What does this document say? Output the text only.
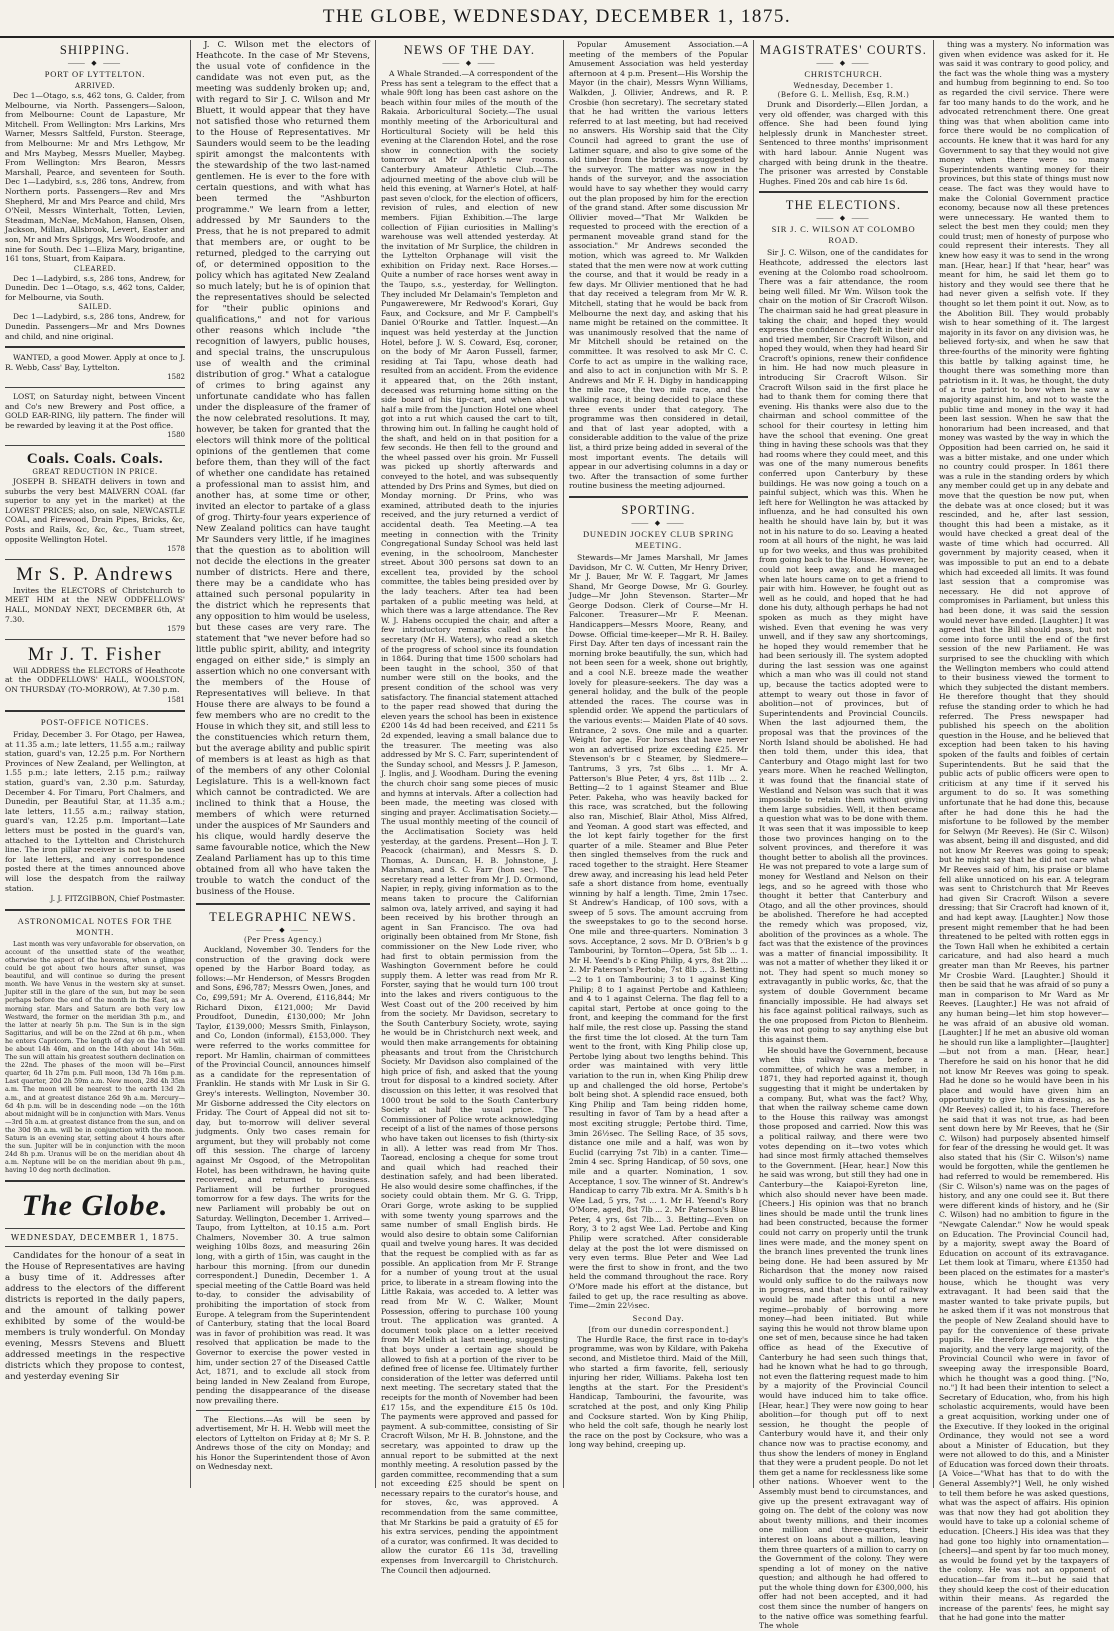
THE GLOBE, WEDNESDAY, DECEMBER 1, 1875.
SHIPPING.
⸻ ◆ ⸻
PORT OF LYTTELTON.
ARRIVED.

Dec 1—Otago, s.s, 462 tons, G. Calder, from Melbourne, via North. Passengers—Saloon, from Melbourne: Count de Lapasture, Mr Mitchell. From Wellington: Mrs Larkins, Mrs Warner, Messrs Saltfeld, Furston. Steerage, from Melbourne: Mr and Mrs Lethgow, Mr and Mrs Maybeg, Messrs Mueller, Maybeg. From Wellington: Mrs Bearon, Messrs Marshall, Pearce, and seventeen for South. Dec 1—Ladybird, s.s, 286 tons, Andrew, from Northern ports. Passengers—Rev and Mrs Shepherd, Mr and Mrs Pearce and child, Mrs O'Neil, Messrs Winterhalt, Totten, Levien, Steadman, McNae, McMahon, Hansen, Olsen, Jackson, Millan, Allsbrook, Levert, Easter and son, Mr and Mrs Spriggs, Mrs Woodroofe, and nine for South. Dec 1—Eliza Mary, brigantine, 161 tons, Stuart, from Kaipara.

CLEARED.

Dec 1—Ladybird, s.s, 286 tons, Andrew, for Dunedin. Dec 1—Otago, s.s, 462 tons, Calder, for Melbourne, via South.

SAILED.

Dec 1—Ladybird, s.s, 286 tons, Andrew, for Dunedin. Passengers—Mr and Mrs Downes and child, and nine original.

WANTED, a good Mower. Apply at once to J. R. Webb, Cass' Bay, Lyttelton.

1582

LOST, on Saturday night, between Vincent and Co's new Brewery and Post office, a GOLD EAR-RING, lily pattern. The finder will be rewarded by leaving it at the Post office.

1580
Coals. Coals. Coals.
GREAT REDUCTION IN PRICE.

JOSEPH B. SHEATH delivers in town and suburbs the very best MALVERN COAL (far superior to any yet in the market) at the LOWEST PRICES; also, on sale, NEWCASTLE COAL, and Firewood, Drain Pipes, Bricks, &c, Posts and Rails, &c, &c, &c., Tuam street, opposite Wellington Hotel.

1578
Mr S. P. Andrews

Invites the ELECTORS of Christchurch to MEET HIM at the NEW ODDFELLOWS' HALL, MONDAY NEXT, DECEMBER 6th, At 7.30.

1579
Mr J. T. Fisher

Will ADDRESS the ELECTORS of Heathcote at the ODDFELLOWS' HALL, WOOLSTON, ON THURSDAY (TO-MORROW), At 7.30 p.m.

1581
POST-OFFICE NOTICES.

Friday, December 3. For Otago, per Hawea, at 11.35 a.m.; late letters, 11.55 a.m.; railway station, guard's van, 12.25 p.m. For Northern Provinces of New Zealand, per Wellington, at 1.55 p.m.; late letters, 2.15 p.m.; railway station, guard's van, 2.30 p.m. Saturday, December 4. For Timaru, Port Chalmers, and Dunedin, per Beautiful Star, at 11.35 a.m.; late letters, 11.55 a.m.; railway station, guard's van, 12.25 p.m. Important—Late letters must be posted in the guard's van, attached to the Lyttelton and Christchurch line. The iron pillar receiver is not to be used for late letters, and any correspondence posted there at the times announced above will lose the despatch from the railway station.

J. J. FITZGIBBON, Chief Postmaster.
ASTRONOMICAL NOTES FOR THE MONTH.

Last month was very unfavorable for observation, on account of the unsettled state of the weather, otherwise the aspect of the heavens, when a glimpse could be got about two hours after sunset, was beautiful, and will continue so during the present month. We have Venus in the western sky at sunset. Jupiter still in the glare of the sun, but may be seen perhaps before the end of the month in the East, as a morning star. Mars and Saturn are both very low Westward, the former on the meridian 3th p.m., and the latter at nearly 5h p.m. The Sun is in the sign Sagittarius, and will be on the 22nd at 6h p.m., when he enters Capricorn. The length of day on the 1st will be about 14h 46m, and on the 14th about 14h 56m. The sun will attain his greatest southern declination on the 22nd. The phases of the moon will be—First quarter, 6d 1h 27m p.m. Full moon, 13d 7h 16m p.m. Last quarter, 20d 2h 59m a.m. New moon, 28d 4h 35m a.m. The moon will be nearest to the earth 13d 2h a.m., and at greatest distance 26d 9h a.m. Mercury—6d 4h p.m. will be in descending node —on the 16th about midnight will be in conjunction with Mars. Venus—3rd 5h a.m. at greatest distance from the sun, and on the 30d 9h a.m. will be in conjunction with the moon. Saturn is an evening star, setting about 4 hours after the sun. Jupiter will be in conjunction with the moon 24d 8h p.m. Uranus will be on the meridian about 4h a.m. Neptune will be on the meridian about 9h p.m., having 10 deg north declination.

The Globe.
WEDNESDAY, DECEMBER 1, 1875.

Candidates for the honour of a seat in the House of Representatives are having a busy time of it. Addresses after address to the electors of the different districts is reported in the daily papers, and the amount of talking power exhibited by some of the would-be members is truly wonderful. On Monday evening, Messrs Stevens and Bluett addressed meetings in the respective districts which they propose to contest, and yesterday evening Sir

J. C. Wilson met the electors of Heathcote. In the case of Mr Stevens, the usual vote of confidence in the candidate was not even put, as the meeting was suddenly broken up; and, with regard to Sir J. C. Wilson and Mr Bluett, it would appear that they have not satisfied those who returned them to the House of Representatives. Mr Saunders would seem to be the leading spirit amongst the malcontents with the stewardship of the two last-named gentlemen. He is ever to the fore with certain questions, and with what has been termed the "Ashburton programme." We learn from a letter, addressed by Mr Saunders to the Press, that he is not prepared to admit that members are, or ought to be returned, pledged to the carrying out of, or determined opposition to the policy which has agitated New Zealand so much lately; but he is of opinion that the representatives should be selected for "their public opinions and qualifications," and not for various other reasons which include "the recognition of lawyers, public houses, and special trains, the unscrupulous use of wealth and the criminal distribution of grog." What a catalogue of crimes to bring against any unfortunate candidate who has fallen under the displeasure of the framer of the now celebrated resolutions. It may, however, be taken for granted that the electors will think more of the political opinions of the gentlemen that come before them, than they will of the fact of whether one candidate has retained a professional man to assist him, and another has, at some time or other, invited an elector to partake of a glass of grog. Thirty-four years experience of New Zealand politics can have taught Mr Saunders very little, if he imagines that the question as to abolition will not decide the elections in the greater number of districts. Here and there, there may be a candidate who has attained such personal popularity in the district which he represents that any opposition to him would be useless, but these cases are very rare. The statement that "we never before had so little public spirit, ability, and integrity engaged on either side," is simply an assertion which no one conversant with the members of the House of Representatives will believe. In that House there are always to be found a few members who are no credit to the House in which they sit, and still less to the constituencies which return them, but the average ability and public spirit of members is at least as high as that of the members of any other Colonial Legislature. This is a well-known fact which cannot be contradicted. We are inclined to think that a House, the members of which were returned under the auspices of Mr Saunders and his clique, would hardly deserve the same favourable notice, which the New Zealand Parliament has up to this time obtained from all who have taken the trouble to watch the conduct of the business of the House.

TELEGRAPHIC NEWS.
⸻ ◆ ⸻
(Per Press Agency.)

Auckland, November 30. Tenders for the construction of the graving dock were opened by the Harbor Board today, as follows:—Mr Henderson, of Messrs Brogden and Sons, £96,787; Messrs Owen, Jones, and Co, £99,591; Mr A. Overend, £116,844; Mr Richard Dixon, £121,000; Mr David Proudfoot, Dunedin, £130,000; Mr John Taylor, £139,000; Messrs Smith, Finlayson, and Co, London (informal), £153,000. They were referred to the works committee for report. Mr Hamlin, chairman of committees of the Provincial Council, announces himself as a candidate for the representation of Franklin. He stands with Mr Lusk in Sir G. Grey's interests. Wellington, November 30. Mr Gisborne addressed the City electors on Friday. The Court of Appeal did not sit to-day, but to-morrow will deliver several judgments. Only two cases remain for argument, but they will probably not come off this session. The charge of larceny against Mr Osgood, of the Metropolitan Hotel, has been withdrawn, he having quite recovered, and returned to business. Parliament will be further prorogued tomorrow for a few days. The writs for the new Parliament will probably be out on Saturday. Wellington, December 1. Arrived—Taupo, from Lyttelton, at 10.15 a.m. Port Chalmers, November 30. A true salmon weighing 10lbs 8ozs, and measuring 26in long, with a girth of 15in, was caught in the harbour this morning. [from our dunedin correspondent.] Dunedin, December 1. A special meeting of the Cattle Board was held to-day, to consider the advisability of prohibiting the importation of stock from Europe. A telegram from the Superintendent of Canterbury, stating that the local Board was in favor of prohibition was read. It was resolved that application be made to the Governor to exercise the power vested in him, under section 27 of the Diseased Cattle Act, 1871, and to exclude all stock from being landed in New Zealand from Europe, pending the disappearance of the disease now prevailing there.

The Elections.—As will be seen by advertisement, Mr H. H. Webb will meet the electors of Lyttelton on Friday at 8; Mr S. P. Andrews those of the city on Monday; and his Honor the Superintendent those of Avon on Wednesday next.

NEWS OF THE DAY.
⸻ ◆ ⸻

A Whale Stranded.—A correspondent of the Press has sent a telegram to the effect that a whale 90ft long has been cast ashore on the beach within four miles of the mouth of the Rakaia. Arboricultural Society.—The usual monthly meeting of the Arboricultural and Horticultural Society will be held this evening at the Clarendon Hotel, and the rose show in connection with the society tomorrow at Mr Alport's new rooms. Canterbury Amateur Athletic Club.—The adjourned meeting of the above club will be held this evening, at Warner's Hotel, at half-past seven o'clock, for the election of officers, revision of rules, and election of new members. Fijian Exhibition.—The large collection of Fijian curiosities in Malling's warehouse was well attended yesterday. At the invitation of Mr Surplice, the children in the Lyttelton Orphanage will visit the exhibition on Friday next. Race Horses.—Quite a number of race horses went away in the Taupo, s.s., yesterday, for Wellington. They included Mr Delamain's Templeton and Pungawerewere, Mr Redwood's Korari, Guy Faux, and Cocksure, and Mr F. Campbell's Daniel O'Rourke and Tattler. Inquest.—An inquest was held yesterday at the Junction Hotel, before J. W. S. Coward, Esq, coroner, on the body of Mr Aaron Fussell, farmer, residing at Tai Tapu, whose death had resulted from an accident. From the evidence it appeared that, on the 26th instant, deceased was returning home sitting on the side board of his tip-cart, and when about half a mile from the Junction Hotel one wheel got into a rut which caused the cart to tilt, throwing him out. In falling he caught hold of the shaft, and held on in that position for a few seconds. He then fell to the ground and the wheel passed over his groin. Mr Fussell was picked up shortly afterwards and conveyed to the hotel, and was subsequently attended by Drs Prins and Symes, but died on Monday morning. Dr Prins, who was examined, attributed death to the injuries received, and the jury returned a verdict of accidental death. Tea Meeting.—A tea meeting in connection with the Trinity Congregational Sunday School was held last evening, in the schoolroom, Manchester street. About 300 persons sat down to an excellent tea, provided by the school committee, the tables being presided over by the lady teachers. After tea had been partaken of a public meeting was held, at which there was a large attendance. The Rev W. J. Habens occupied the chair, and after a few introductory remarks called on the secretary (Mr H. Waters), who read a sketch of the progress of school since its foundation in 1864. During that time 1500 scholars had been taught in the school, 350 of that number were still on the books, and the present condition of the school was very satisfactory. The financial statement attached to the paper read showed that during the eleven years the school has been in existence £200 14s 4d had been received, and £211 5s 2d expended, leaving a small balance due to the treasurer. The meeting was also addressed by Mr S. C. Farr, superintendent of the Sunday school, and Messrs J. P. Jameson, J. Inglis, and J. Woodham. During the evening the church choir sang some pieces of music and hymns at intervals. After a collection had been made, the meeting was closed with singing and prayer. Acclimatisation Society.—The usual monthly meeting of the council of the Acclimatisation Society was held yesterday, at the gardens. Present—Hon J. T. Peacock (chairman), and Messrs S. D. Thomas, A. Duncan, H. B. Johnstone, J. Marshman, and S. C. Farr (hon sec). The secretary read a letter from Mr J. D. Ormond, Napier, in reply, giving information as to the means taken to procure the Californian salmon ova, lately arrived, and saying it had been received by his brother through an agent in San Francisco. The ova had originally been obtained from Mr Stone, fish commissioner on the New Lode river, who had first to obtain permission from the Washington Government before he could supply them. A letter was read from Mr R. Forster, saying that he would turn 100 trout into the lakes and rivers contiguous to the West Coast out of the 200 received by him from the society. Mr Davidson, secretary to the South Canterbury Society, wrote, saying he would be in Christchurch next week, and would then make arrangements for obtaining pheasants and trout from the Christchurch Society. Mr Davidson also complained of the high price of fish, and asked that the young trout for disposal to a kindred society. After discussion on this letter, it was resolved that 1000 trout be sold to the South Canterbury Society at half the usual price. The Commissioner of Police wrote acknowledging receipt of a list of the names of those persons who have taken out licenses to fish (thirty-six in all). A letter was read from Mr Thos. Taoread, enclosing a cheque for some trout and quail which had reached their destination safely, and had been liberated. He also would desire some chaffinches, if the society could obtain them. Mr G. G. Tripp, Orari Gorge, wrote asking to be supplied with some twenty young sparrows and the same number of small English birds. He would also desire to obtain some Californian quail and twelve young hares. It was decided that the request be complied with as far as possible. An application from Mr F. Strange for a number of young trout at the usual price, to liberate in a stream flowing into the Little Rakaia, was acceded to. A letter was read from Mr W. C. Walker, Mount Possession, offering to purchase 100 young trout. The application was granted. A document took place on a letter received from Mr Mellish at last meeting, suggesting that boys under a certain age should be allowed to fish at a portion of the river to be defined free of license fee. Ultimately further consideration of the letter was deferred until next meeting. The secretary stated that the receipts for the month of November had been £17 15s, and the expenditure £15 0s 10d. The payments were approved and passed for payment. A sub-committee, consisting of Sir Cracroft Wilson, Mr H. B. Johnstone, and the secretary, was appointed to draw up the annual report to be submitted at the next monthly meeting. A resolution passed by the garden committee, recommending that a sum not exceeding £25 should be spent on necessary repairs to the curator's house, and for stoves, &c, was approved. A recommendation from the same committee, that Mr Starkins be paid a gratuity of £5 for his extra services, pending the appointment of a curator, was confirmed. It was decided to allow the curator £6 11s 3d, travelling expenses from Invercargill to Christchurch. The Council then adjourned.

Popular Amusement Association.—A meeting of the members of the Popular Amusement Association was held yesterday afternoon at 4 p.m. Present—His Worship the Mayor (in the chair), Messrs Wynn Williams, Walkden, J. Ollivier, Andrews, and R. P. Crosbie (hon secretary). The secretary stated that he had written the various letters referred to at last meeting, but had received no answers. His Worship said that the City Council had agreed to grant the use of Latimer square, and also to give some of the old timber from the bridges as suggested by the surveyor. The matter was now in the hands of the surveyor, and the association would have to say whether they would carry out the plan proposed by him for the erection of the grand stand. After some discussion Mr Ollivier moved—"That Mr Walkden be requested to proceed with the erection of a permanent moveable grand stand for the association." Mr Andrews seconded the motion, which was agreed to. Mr Walkden stated that the men were now at work cutting the course, and that it would be ready in a few days. Mr Ollivier mentioned that he had that day received a telegram from Mr W. R. Mitchell, stating that he would be back from Melbourne the next day, and asking that his name might be retained on the committee. It was unanimously resolved that the name of Mr Mitchell should be retained on the committee. It was resolved to ask Mr C. C. Corfe to act as umpire in the walking race, and also to act in conjunction with Mr S. P. Andrews and Mr F. H. Digby in handicapping the mile race, the two mile race, and the walking race, it being decided to place these three events under that category. The programme was then considered in detail, and that of last year adopted, with a considerable addition to the value of the prize list, a third prize being added in several of the most important events. The details will appear in our advertising columns in a day or two. After the transaction of some further routine business the meeting adjourned.

SPORTING.
⸻ ◆ ⸻
DUNEDIN JOCKEY CLUB SPRING MEETING.

Stewards—Mr James Marshall, Mr James Davidson, Mr C. W. Cutten, Mr Henry Driver, Mr J. Bauer, Mr W. F. Taggart, Mr James Shand, Mr George Dowse, Mr G. Gourley. Judge—Mr John Stevenson. Starter—Mr George Dodson. Clerk of Course—Mr H. Falconer. Treasurer—Mr F. Meenan. Handicappers—Messrs Moore, Reany, and Dowse. Official time-keeper—Mr R. H. Bailey. First Day. After ten days of incessant rain the morning broke beautifully, the sun, which had not been seen for a week, shone out brightly, and a cool N.E. breeze made the weather lovely for pleasure-seekers. The day was a general holiday, and the bulk of the people attended the races. The course was in splendid order. We append the particulars of the various events:— Maiden Plate of 40 sovs. Entrance, 2 sovs. One mile and a quarter. Weight for age. For horses that have never won an advertised prize exceeding £25. Mr Stevenson's br c Steamer, by Sledmere—Tantrums, 3 yrs, 7st 6lbs ... 1. Mr A. Patterson's Blue Peter, 4 yrs, 8st 11lb ... 2. Betting—2 to 1 against Steamer and Blue Peter. Pakeha, who was heavily backed for this race, was scratched, but the following also ran, Mischief, Blair Athol, Miss Alfred, and Yeoman. A good start was effected, and the lot kept fairly together for the first quarter of a mile. Steamer and Blue Peter then singled themselves from the ruck and raced together to the straight. Here Steamer drew away, and increasing his lead held Peter safe a short distance from home, eventually winning by half a length. Time, 2min 17sec. St Andrew's Handicap, of 100 sovs, with a sweep of 5 sovs. The amount accruing from the sweepstakes to go to the second horse. One mile and three-quarters. Nomination 3 sovs. Acceptance, 2 sovs. Mr D. O'Brien's b g Tambourini, by Tornton—Opera, 5st 5lb ... 1. Mr H. Yeend's b c King Philip, 4 yrs, 8st 2lb ... 2. Mr Paterson's Pertobe, 7st 8lb ... 3. Betting—2 to 1 on Tambourini; 3 to 1 against King Philip; 8 to 1 against Pertobe and Kathleen; and 4 to 1 against Celerna. The flag fell to a capital start, Pertobe at once going to the front, and keeping the command for the first half mile, the rest close up. Passing the stand the first time the lot closed. At the turn Tam went to the front, with King Philip close up, Pertobe lying about two lengths behind. This order was maintained with very little variation to the run in, when King Philip drew up and challenged the old horse, Pertobe's bolt being shot. A splendid race ensued, both King Philip and Tam being ridden home, resulting in favor of Tam by a head after a most exciting struggle; Pertobe third. Time, 3min 26½sec. The Selling Race, of 35 sovs, distance one mile and a half, was won by Euclid (carrying 7st 7lb) in a canter. Time—2min 4 sec. Spring Handicap, of 50 sovs, one mile and a quarter. Nomination, 1 sov. Acceptance, 1 sov. The winner of St. Andrew's Handicap to carry 7lb extra. Mr A. Smith's b h Wee Lad, 5 yrs, 7st ... 1. Mr H. Yeend's Rory O'More, aged, 8st 7lb ... 2. Mr Paterson's Blue Peter, 4 yrs, 6st 7lb... 3. Betting—Even on Rory, 3 to 2 agst Wee Lad. Pertobe and King Philip were scratched. After considerable delay at the post the lot were dismissed on very even terms. Blue Peter and Wee Lad were the first to show in front, and the two held the command throughout the race. Rory O'More made his effort at the distance, but failed to get up, the race resulting as above. Time—2min 22½sec.

Second Day.
[from our dunedin correspondent.]

The Hurdle Race, the first race in to-day's programme, was won by Kildare, with Pakeha second, and Mistletoe third. Maid of the Mill, who started a firm favorite, fell, seriously injuring her rider, Williams. Pakeha lost ten lengths at the start. For the President's Handicap, Tambourini, the favourite, was scratched at the post, and only King Philip and Cocksure started. Won by King Philip, who held the colt safe, though he nearly lost the race on the post by Cocksure, who was a long way behind, creeping up.

MAGISTRATES' COURTS.
⸻ ◆ ⸻
CHRISTCHURCH.
Wednesday, December 1.
(Before G. L. Mellish, Esq, R.M.)

Drunk and Disorderly.—Ellen Jordan, a very old offender, was charged with this offence. She had been found lying helplessly drunk in Manchester street. Sentenced to three months' imprisonment with hard labour. Annie Nugent was charged with being drunk in the theatre. The prisoner was arrested by Constable Hughes. Fined 20s and cab hire 1s 6d.

THE ELECTIONS.
⸻ ◆ ⸻
SIR J. C. WILSON AT COLOMBO ROAD.

Sir J. C. Wilson, one of the candidates for Heathcote, addressed the electors last evening at the Colombo road schoolroom. There was a fair attendance, the room being well filled. Mr Wm. Wilson took the chair on the motion of Sir Cracroft Wilson. The chairman said he had great pleasure in taking the chair, and hoped they would express the confidence they felt in their old and tried member, Sir Cracroft Wilson, and hoped they would, when they had heard Sir Cracroft's opinions, renew their confidence in him. He had now much pleasure in introducing Sir Cracroft Wilson. Sir Cracroft Wilson said in the first place he had to thank them for coming there that evening. His thanks were also due to the chairman and school committee of the school for their courtesy in letting him have the school that evening. One great thing in having these schools was that they had rooms where they could meet, and this was one of the many numerous benefits conferred upon Canterbury by these buildings. He was now going a touch on a painful subject, which was this. When he left here for Wellington he was attacked by influenza, and he had consulted his own health he should have lain by, but it was not in his nature to do so. Leaving a heated room at all hours of the night, he was laid up for two weeks, and thus was prohibited from going back to the House. However, he could not keep away, and he managed when late hours came on to get a friend to pair with him. However, he fought out as well as he could, and hoped that he had done his duty, although perhaps he had not spoken as much as they might have wished. Even that evening he was very unwell, and if they saw any shortcomings, he hoped they would remember that he had been seriously ill. The system adopted during the last session was one against which a man who was ill could not stand up, because the tactics adopted were to attempt to weary out those in favor of abolition—not of provinces, but of Superintendents and Provincial Councils. When the last adjourned them, the proposal was that the provinces of the North Island should be abolished. He had then told them, under this idea, that Canterbury and Otago might last for two years more. When he reached Wellington, it was found that the financial state of Westland and Nelson was such that it was impossible to retain them without giving them large subsidies. Well, it then became a question what was to be done with them. It was seen that it was impossible to keep those two provinces hanging on to the solvent provinces, and therefore it was thought better to abolish all the provinces. He was not prepared to vote a large sum of money for Westland and Nelson on their legs, and so he agreed with those who thought it better that Canterbury and Otago, and all the other provinces, should be abolished. Therefore he had accepted the remedy which was proposed, viz, abolition of the provinces as a whole. The fact was that the existence of the provinces was a matter of financial impossibility. It was not a matter of whether they liked it or not. They had spent so much money so extravagantly in public works, &c, that the system of double Government became financially impossible. He had always set his face against political railways, such as the one proposed from Picton to Blenheim. He was not going to say anything else but this against them.

He should have the Government, because when this railway came before a committee, of which he was a member, in 1871, they had reported against it, though suggesting that it might be undertaken by a company. But, what was the fact? Why, that when the railway scheme came down to the House this railway was amongst those proposed and carried. Now this was a political railway, and there were two votes depending on it—two votes which had since most firmly attached themselves to the Government. [Hear, hear.] Now this he said was wrong, but still they had one in Canterbury—the Kaiapoi-Eyreton line, which also should never have been made. [Cheers.] His opinion was that no branch lines should be made until the trunk lines had been constructed, because the former could not carry on properly until the trunk lines were made, and the money spent on the branch lines prevented the trunk lines being done. He had been assured by Mr Richardson that the money now raised would only suffice to do the railways now in progress, and that not a foot of railway would be made after this until a new regime—probably of borrowing more money—had been initiated. But while saying this he would not throw blame upon one set of men, because since he had taken office as head of the Executive of Canterbury he had seen such things that, had he known what he had to go through, not even the flattering request made to him by a majority of the Provincial Council would have induced him to take office. [Hear, hear.] They were now going to hear abolition—for though put off to next session, he thought the people of Canterbury would have it, and their only chance now was to practise economy, and thus show the lenders of money in England that they were a prudent people. Do not let them get a name for recklessness like some other nations. Whoever went to the Assembly must bend to circumstances, and give up the present extravagant way of going on. The debt of the colony was now about twenty millions, and their incomes one million and three-quarters, their interest on loans about a million, leaving them three quarters of a million to carry on the Government of the colony. They were spending a lot of money on the native question; and although he had offered to put the whole thing down for £300,000, his offer had not been accepted, and it had cost them since the number of hangers on to the native office was something fearful. The whole

thing was a mystery. No information was given when evidence was asked for it. He was said it was contrary to good policy, and the fact was the whole thing was a mystery and humbug from beginning to end. So too as regarded the civil service. There were far too many hands to do the work, and he advocated retrenchment there. One great thing was that when abolition came into force there would be no complication of accounts. He knew that it was hard for any Government to say that they would not give money when there were so many Superintendents wanting money for their provinces, but this state of things must now cease. The fact was they would have to make the Colonial Government practice economy, because now all these pretences were unnecessary. He wanted them to select the best men they could; men they could trust; men of honesty of purpose who could represent their interests. They all knew how easy it was to send in the wrong man. [Hear, hear.] If that "hear, hear" was meant for him, he said let them go to history and they would see there that he had never given a selfish vote. If they thought so let them point it out. Now, as to the Abolition Bill. They would probably wish to hear something of it. The largest majority in its favor on any division was, he believed forty-six, and when he saw that three-fourths of the minority were fighting this battle by talking against time, he thought there was something more than patriotism in it. It was, he thought, the duty of a true patriot to bow when he saw a majority against him, and not to waste the public time and money in the way it had been last session. When he saw that the honorarium had been increased, and that money was wasted by the way in which the Opposition had been carried on, he said it was a bitter mistake, and one under which no country could prosper. In 1861 there was a rule in the standing orders by which any member could get up in any debate and move that the question be now put, when the debate was at once closed; but it was rescinded, and he, after last session, thought this had been a mistake, as it would have checked a great deal of the waste of time which had occurred. All government by majority ceased, when it was impossible to put an end to a debate which had exceeded all limits. It was found last session that a compromise was necessary. He did not approve of compromises in Parliament, but unless this had been done, it was said the session would never have ended. [Laughter.] It was agreed that the Bill should pass, but not come into force until the end of the first session of the new Parliament. He was surprised to see the chuckling with which the Wellington members who could attend to their business viewed the torment to which they subjected the distant members. He therefore thought that they should refuse the standing order to which he had referred. The Press newspaper had published his speech on the abolition question in the House, and he believed that exception had been taken to his having spoken of the faults and foibles of certain Superintendents. But he said that the public acts of public officers were open to criticism at any time if it served his argument to do so. It was something unfortunate that he had done this, because after he had done this he had the misfortune to be followed by the member for Selwyn (Mr Reeves). He (Sir C. Wilson) was absent, being ill and disgusted, and did not know Mr Reeves was going to speak; but he might say that he did not care what Mr Reeves said of him, his praise or blame fell alike unnoticed on his ear. A telegram was sent to Christchurch that Mr Reeves had given Sir Cracroft Wilson a severe dressing; that Sir Cracroft had known of it, and had kept away. [Laughter.] Now those present might remember that he had been threatened to be pelted with rotten eggs in the Town Hall when he exhibited a certain caricature, and had also heard a much greater man than Mr Reeves, his partner Mr Crosbie Ward. [Laughter.] Should it then be said that he was afraid of so puny a man in comparison to Mr Ward as Mr Reeves. [Laughter.] He was not afraid of any human being—let him stop however—he was afraid of an abusive old woman. [Laughter.] If he met an abusive old woman he should run like a lamplighter—[laughter]—but not from a man. [Hear, hear.] Therefore he said on his honor that he did not know Mr Reeves was going to speak. Had he done so he would have been in his place and would have given him an opportunity to give him a dressing, as he (Mr Reeves) called it, to his face. Therefore he said that it was not true, as had been sent down here by Mr Reeves, that he (Sir C. Wilson) had purposely absented himself for fear of the dressing he would get. It was also stated that his (Sir C. Wilson's) name would be forgotten, while the gentlemen he had referred to would be remembered. His (Sir C. Wilson's) name was on the pages of history, and any one could see it. But there were different kinds of history, and he (Sir C. Wilson) had no ambition to figure in the "Newgate Calendar." Now he would speak on Education. The Provincial Council had, by a majority, swept away the Board of Education on account of its extravagance. Let them look at Timaru, where £1350 had been placed on the estimates for a master's house, which he thought was very extravagant. It had been said that the master wanted to take private pupils, but he asked them if it was not monstrous that the people of New Zealand should have to pay for the convenience of these private pupils. He therefore agreed with the majority, and the very large majority, of the Provincial Council who were in favor of sweeping away the irresponsible Board, which he thought was a good thing. ["No, no."] It had been their intention to select a Secretary of Education, who, from his high scholastic acquirements, would have been a great acquisition, working under one of the Executive. If they looked in the original Ordinance, they would not see a word about a Minister of Education, but they were not allowed to do this, and a Minister of Education was forced down their throats. [A Voice—"What has that to do with the General Assembly?"] Well, he only wished to tell them before he was asked questions, what was the aspect of affairs. His opinion was that now they had got abolition they would have to take up a colonial scheme of education. [Cheers.] His idea was that they had gone too highly into ornamentation—[cheers]—and spent by far too much money, as would be found yet by the taxpayers of the colony. He was not an opponent of education—far from it—but he said that they should keep the cost of their education within their means. As regarded the increase of the parents' fees, he might say that he had gone into the matter
